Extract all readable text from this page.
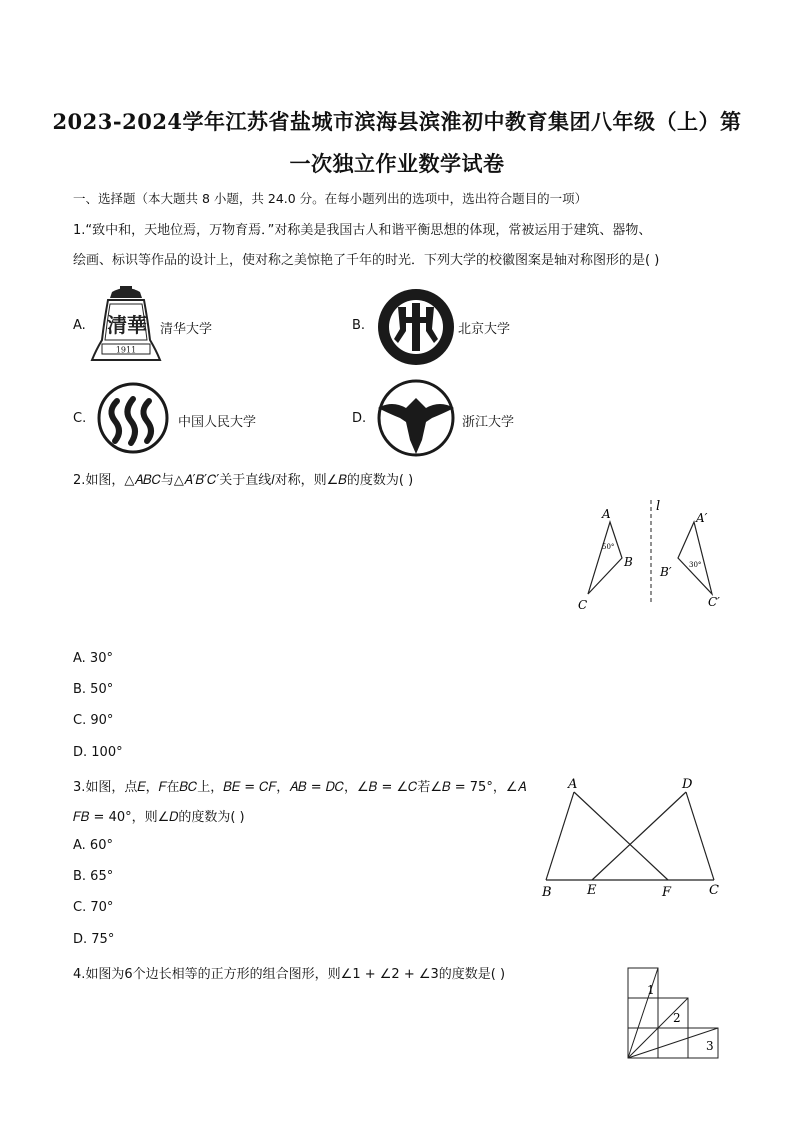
2023-2024学年江苏省盐城市滨海县滨淮初中教育集团八年级（上）第
一次独立作业数学试卷
一、选择题（本大题共 8 小题，共 24.0 分。在每小题列出的选项中，选出符合题目的一项）
1.“致中和，天地位焉，万物育焉．”对称美是我国古人和谐平衡思想的体现，常被运用于建筑、器物、
绘画、标识等作品的设计上，使对称之美惊艳了千年的时光．下列大学的校徽图案是轴对称图形的是( )
A. 清華
1911
清华大学	B.	北京大学
C.	中国人民大学	D.	浙江大学
2.如图，△𝐴𝐵𝐶与△𝐴′𝐵′𝐶′关于直线𝑙对称，则∠𝐵的度数为( )
l
A
B
C
50°
A′
B′
C′
30°
A. 30°
B. 50°
C. 90°
D. 100°
3.如图，点𝐸，𝐹在𝐵𝐶上，𝐵𝐸 = 𝐶𝐹，𝐴𝐵 = 𝐷𝐶，∠𝐵 = ∠𝐶若∠𝐵 = 75°，∠𝐴
𝐹𝐵 = 40°，则∠𝐷的度数为( )
A	D
B	E	F	C
A. 60°
B. 65°
C. 70°
D. 75°
4.如图为6个边长相等的正方形的组合图形，则∠1 + ∠2 + ∠3的度数是( )
1
2
3
